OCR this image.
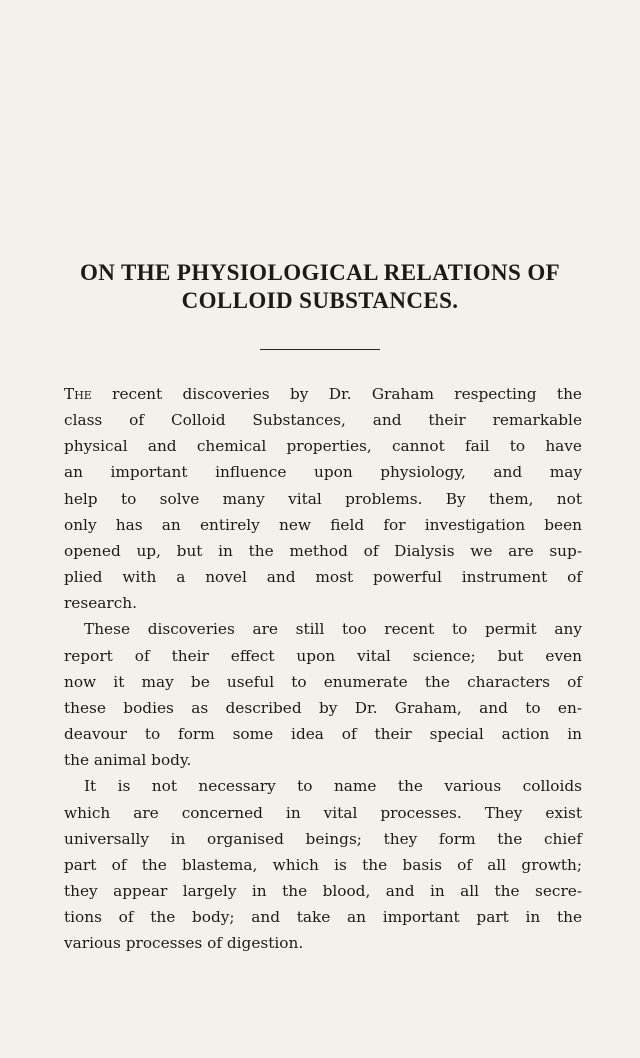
ON THE PHYSIOLOGICAL RELATIONS OF
COLLOID SUBSTANCES.
The recent discoveries by Dr. Graham respecting the
class of Colloid Substances, and their remarkable
physical and chemical properties, cannot fail to have
an important influence upon physiology, and may
help to solve many vital problems. By them, not
only has an entirely new field for investigation been
opened up, but in the method of Dialysis we are sup-
plied with a novel and most powerful instrument of
research.
These discoveries are still too recent to permit any
report of their effect upon vital science; but even
now it may be useful to enumerate the characters of
these bodies as described by Dr. Graham, and to en-
deavour to form some idea of their special action in
the animal body.
It is not necessary to name the various colloids
which are concerned in vital processes. They exist
universally in organised beings; they form the chief
part of the blastema, which is the basis of all growth;
they appear largely in the blood, and in all the secre-
tions of the body; and take an important part in the
various processes of digestion.
